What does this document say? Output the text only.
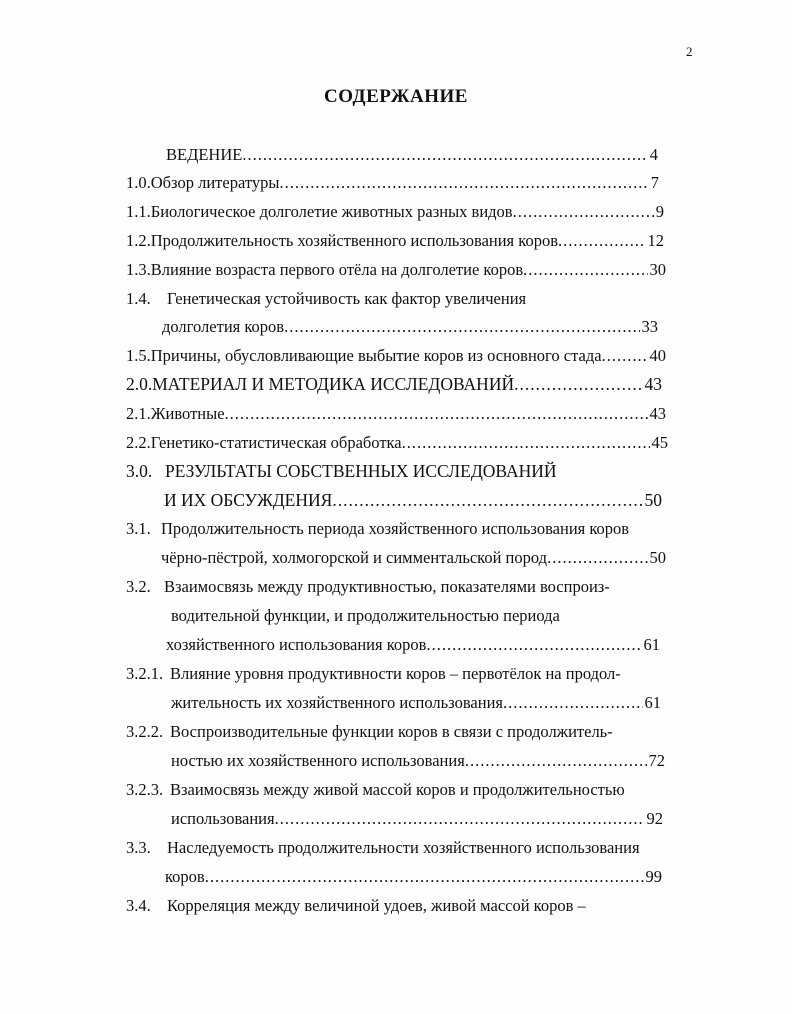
2
СОДЕРЖАНИЕ
ВЕДЕНИЕ .....	4
1.0. Обзор литературы .....	7
1.1. Биологическое долголетие животных разных видов .....	9
1.2. Продолжительность хозяйственного использования коров .....	12
1.3. Влияние возраста первого отёла на долголетие коров .....	30
1.4. Генетическая устойчивость как фактор увеличения
долголетия коров .....	33
1.5. Причины, обусловливающие выбытие коров из основного стада .....	40
2.0. МАТЕРИАЛ И МЕТОДИКА ИССЛЕДОВАНИЙ .....	43
2.1. Животные .....	43
2.2. Генетико-статистическая обработка .....	45
3.0. РЕЗУЛЬТАТЫ СОБСТВЕННЫХ ИССЛЕДОВАНИЙ
И ИХ ОБСУЖДЕНИЯ .....	50
3.1. Продолжительность периода хозяйственного использования коров
чёрно-пёстрой, холмогорской и симментальской пород .....	50
3.2. Взаимосвязь между продуктивностью, показателями воспроиз-
водительной функции, и продолжительностью периода
хозяйственного использования коров .....	61
3.2.1. Влияние уровня продуктивности коров – первотёлок на продол-
жительность их хозяйственного использования .....	61
3.2.2. Воспроизводительные функции коров в связи с продолжитель-
ностью их хозяйственного использования .....	72
3.2.3. Взаимосвязь между живой массой коров и продолжительностью
использования .....	92
3.3. Наследуемость продолжительности хозяйственного использования
коров .....	99
3.4. Корреляция между величиной удоев, живой массой коров –
